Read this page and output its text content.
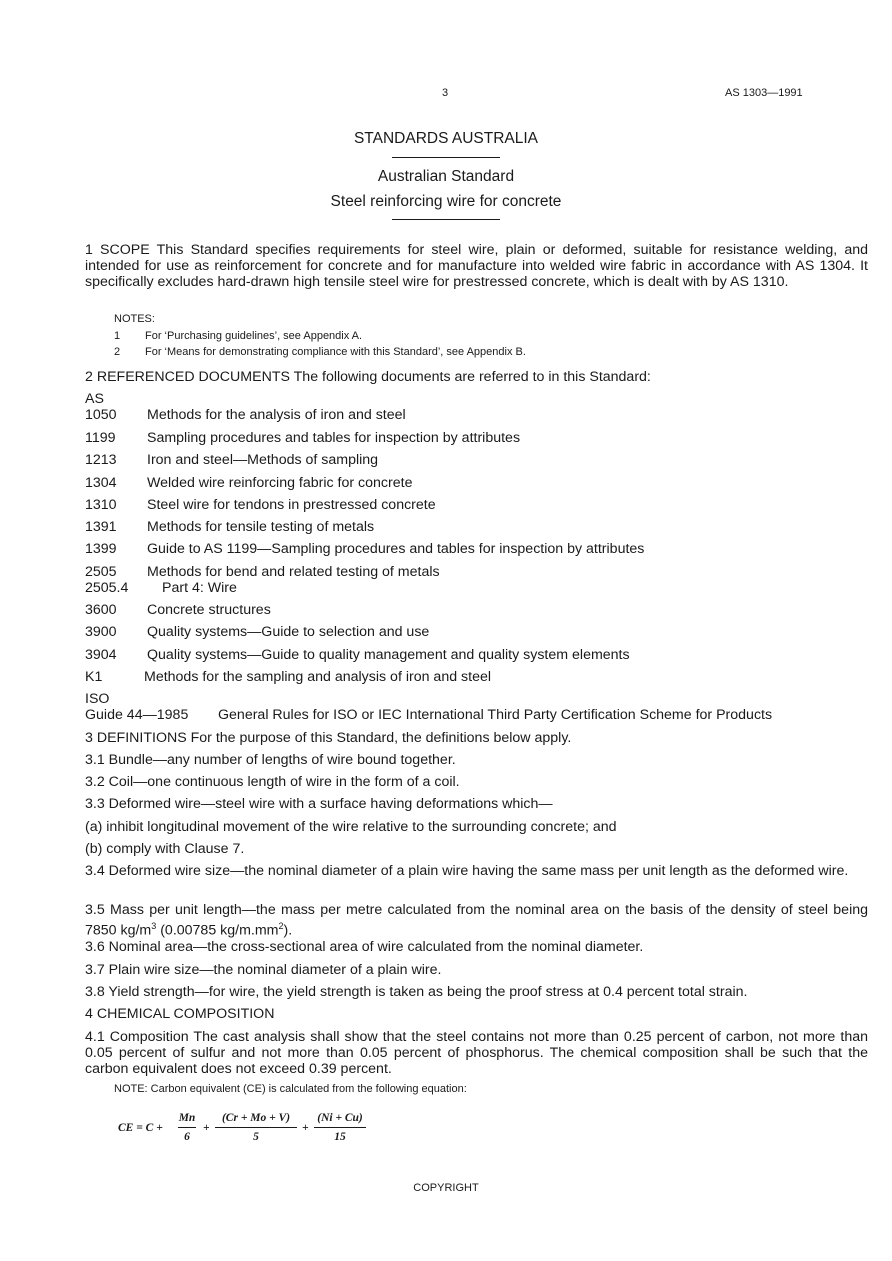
3	AS 1303—1991
STANDARDS AUSTRALIA
Australian Standard
Steel reinforcing wire for concrete
1 SCOPE This Standard specifies requirements for steel wire, plain or deformed, suitable for resistance welding, and intended for use as reinforcement for concrete and for manufacture into welded wire fabric in accordance with AS 1304. It specifically excludes hard-drawn high tensile steel wire for prestressed concrete, which is dealt with by AS 1310.
NOTES:
1 For ‘Purchasing guidelines’, see Appendix A.
2 For ‘Means for demonstrating compliance with this Standard’, see Appendix B.
2 REFERENCED DOCUMENTS The following documents are referred to in this Standard:
AS
1050 Methods for the analysis of iron and steel
1199 Sampling procedures and tables for inspection by attributes
1213 Iron and steel—Methods of sampling
1304 Welded wire reinforcing fabric for concrete
1310 Steel wire for tendons in prestressed concrete
1391 Methods for tensile testing of metals
1399 Guide to AS 1199—Sampling procedures and tables for inspection by attributes
2505 Methods for bend and related testing of metals
2505.4 Part 4: Wire
3600 Concrete structures
3900 Quality systems—Guide to selection and use
3904 Quality systems—Guide to quality management and quality system elements
K1	Methods for the sampling and analysis of iron and steel
ISO
Guide 44—1985 General Rules for ISO or IEC International Third Party Certification Scheme for Products
3 DEFINITIONS For the purpose of this Standard, the definitions below apply.
3.1 Bundle—any number of lengths of wire bound together.
3.2 Coil—one continuous length of wire in the form of a coil.
3.3 Deformed wire—steel wire with a surface having deformations which—
(a) inhibit longitudinal movement of the wire relative to the surrounding concrete; and
(b) comply with Clause 7.
3.4 Deformed wire size—the nominal diameter of a plain wire having the same mass per unit length as the deformed wire.
3.5 Mass per unit length—the mass per metre calculated from the nominal area on the basis of the density of steel being 7850 $kg/m^3$ (0.00785 $kg/m.mm^2$).
3.6 Nominal area—the cross-sectional area of wire calculated from the nominal diameter.
3.7 Plain wire size—the nominal diameter of a plain wire.
3.8 Yield strength—for wire, the yield strength is taken as being the proof stress at 0.4 percent total strain.
4 CHEMICAL COMPOSITION
4.1 Composition The cast analysis shall show that the steel contains not more than 0.25 percent of carbon, not more than 0.05 percent of sulfur and not more than 0.05 percent of phosphorus. The chemical composition shall be such that the carbon equivalent does not exceed 0.39 percent.
NOTE: Carbon equivalent (CE) is calculated from the following equation:
CE = C +
Mn
6
+
(Cr + Mo + V)
5
+
(Ni + Cu)
15
COPYRIGHT
